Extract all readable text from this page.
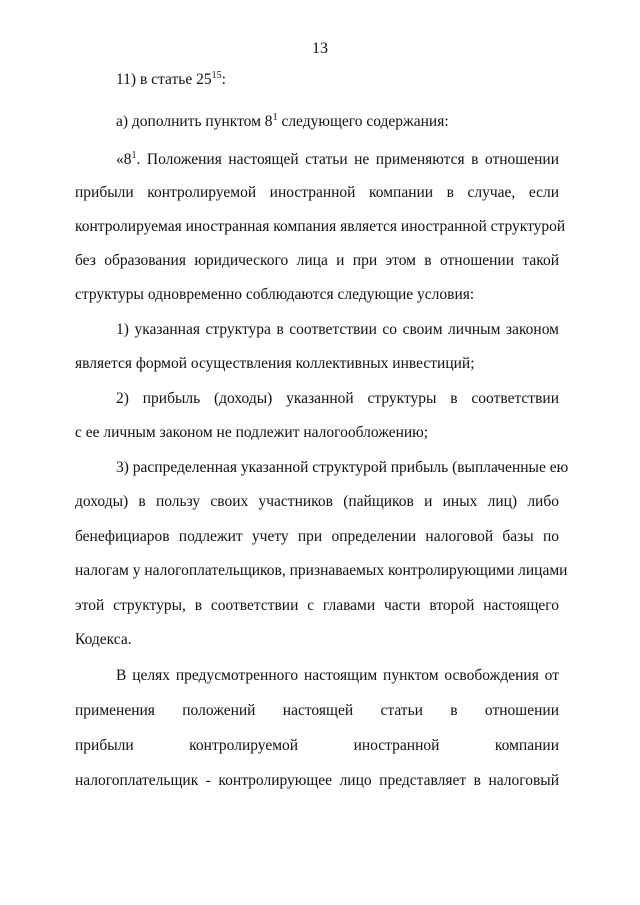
13
11) в статье $25^{15}$:
а) дополнить пунктом $8^1$ следующего содержания:
«$8^1$. Положения настоящей статьи не применяются в отношении
прибыли контролируемой иностранной компании в случае, если
контролируемая иностранная компания является иностранной структурой
без образования юридического лица и при этом в отношении такой
структуры одновременно соблюдаются следующие условия:
1) указанная структура в соответствии со своим личным законом
является формой осуществления коллективных инвестиций;
2) прибыль (доходы) указанной структуры в соответствии
с ее личным законом не подлежит налогообложению;
3) распределенная указанной структурой прибыль (выплаченные ею
доходы) в пользу своих участников (пайщиков и иных лиц) либо
бенефициаров подлежит учету при определении налоговой базы по
налогам у налогоплательщиков, признаваемых контролирующими лицами
этой структуры, в соответствии с главами части второй настоящего
Кодекса.
В целях предусмотренного настоящим пунктом освобождения от
применения положений настоящей статьи в отношении
прибыли контролируемой иностранной компании
налогоплательщик - контролирующее лицо представляет в налоговый
